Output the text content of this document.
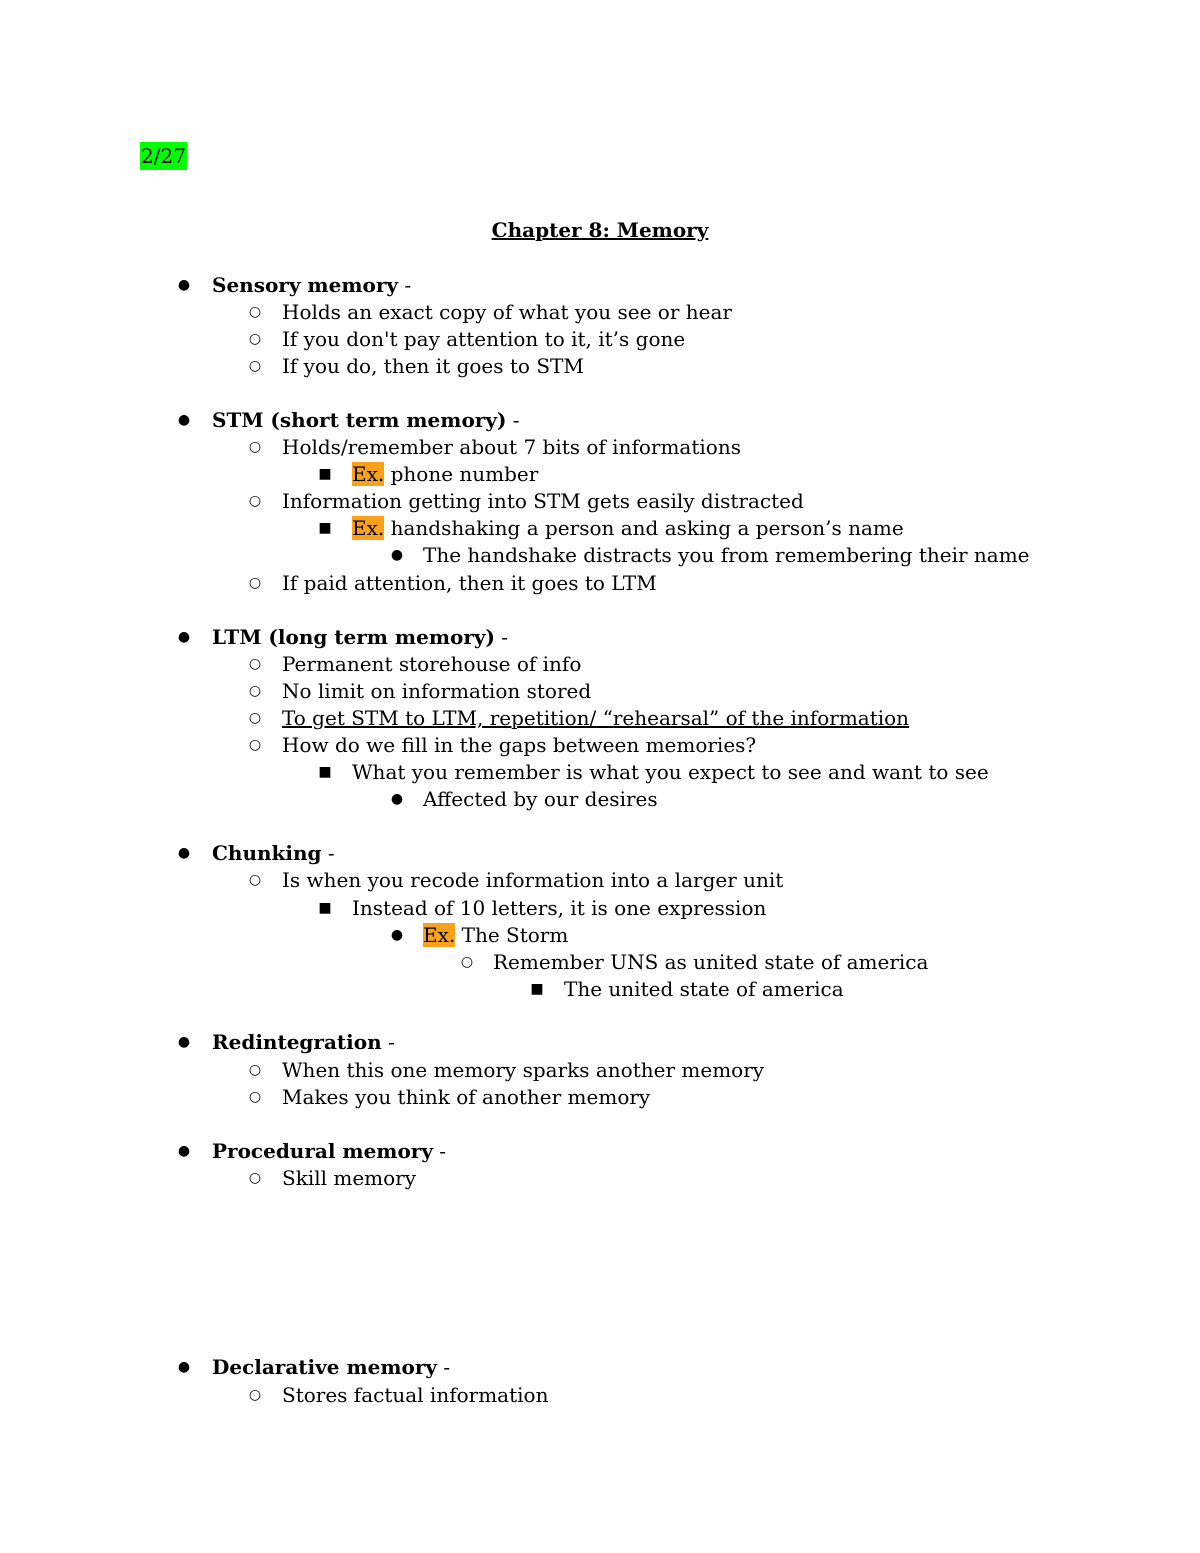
2/27
Chapter 8: Memory
● Sensory memory -
○ Holds an exact copy of what you see or hear
○ If you don't pay attention to it, it’s gone
○ If you do, then it goes to STM
● STM (short term memory) -
○ Holds/remember about 7 bits of informations
■ Ex. phone number
○ Information getting into STM gets easily distracted
■ Ex. handshaking a person and asking a person’s name
● The handshake distracts you from remembering their name
○ If paid attention, then it goes to LTM
● LTM (long term memory) -
○ Permanent storehouse of info
○ No limit on information stored
○ To get STM to LTM, repetition/ “rehearsal” of the information
○ How do we fill in the gaps between memories?
■ What you remember is what you expect to see and want to see
● Affected by our desires
● Chunking -
○ Is when you recode information into a larger unit
■ Instead of 10 letters, it is one expression
● Ex. The Storm
○ Remember UNS as united state of america
■ The united state of america
● Redintegration -
○ When this one memory sparks another memory
○ Makes you think of another memory
● Procedural memory -
○ Skill memory
● Declarative memory -
○ Stores factual information
